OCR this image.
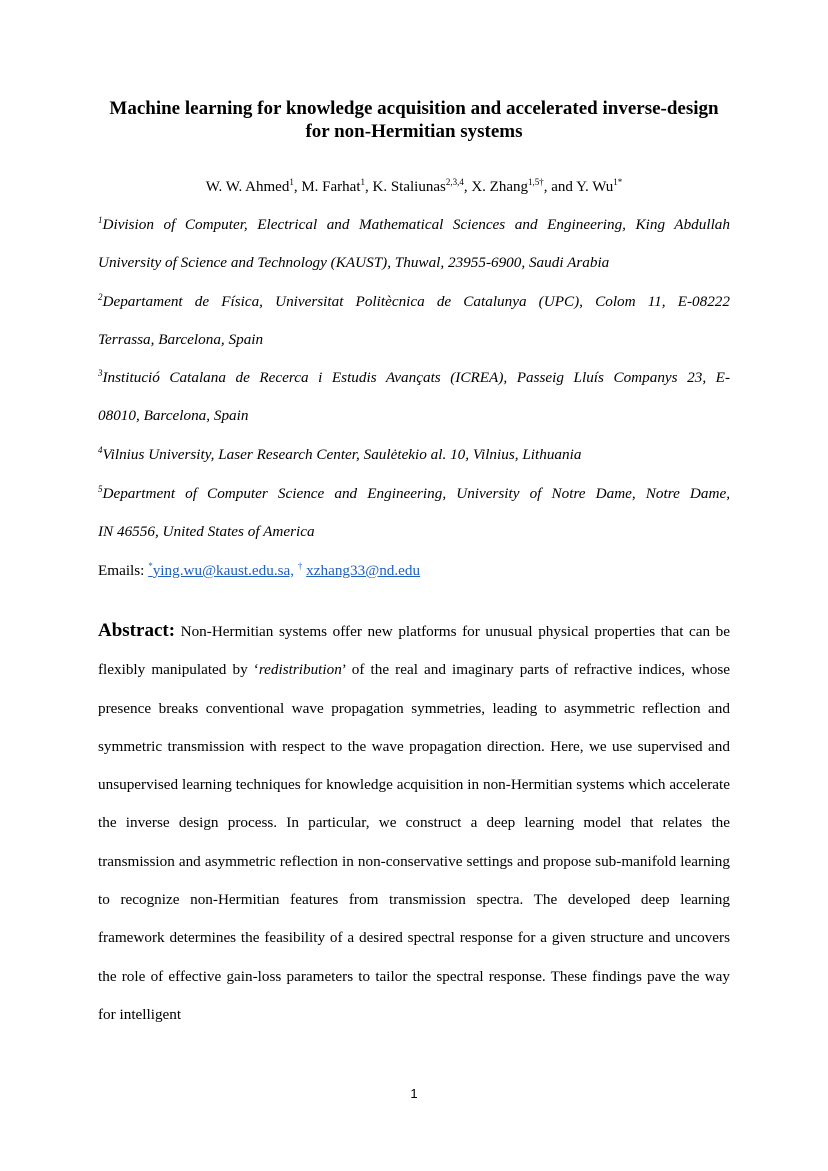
Machine learning for knowledge acquisition and accelerated inverse-design
for non-Hermitian systems
W. W. Ahmed$^1$, M. Farhat$^1$, K. Staliunas$^{2,3,4}$, X. Zhang$^{1,5\dagger}$, and Y. $Wu^{1*}$

$^1$Division of Computer, Electrical and Mathematical Sciences and Engineering, King Abdullah

University of Science and Technology (KAUST), Thuwal, 23955-6900, Saudi Arabia

$^2$Departament de Física, Universitat Politècnica de Catalunya (UPC), Colom 11, E-08222

Terrassa, Barcelona, Spain

$^3$Institució Catalana de Recerca i Estudis Avançats (ICREA), Passeig Lluís Companys 23, E-

08010, Barcelona, Spain

$^4$Vilnius University, Laser Research Center, Saulėtekio al. 10, Vilnius, Lithuania

$^5$Department of Computer Science and Engineering, University of Notre Dame, Notre Dame,

IN 46556, United States of America

Emails: *ying.wu@kaust.edu.sa, † xzhang33@nd.edu
Abstract: Non-Hermitian systems offer new platforms for unusual physical properties that can be flexibly manipulated by ‘redistribution’ of the real and imaginary parts of refractive indices, whose presence breaks conventional wave propagation symmetries, leading to asymmetric reflection and symmetric transmission with respect to the wave propagation direction. Here, we use supervised and unsupervised learning techniques for knowledge acquisition in non-Hermitian systems which accelerate the inverse design process. In particular, we construct a deep learning model that relates the transmission and asymmetric reflection in non-conservative settings and propose sub-manifold learning to recognize non-Hermitian features from transmission spectra. The developed deep learning framework determines the feasibility of a desired spectral response for a given structure and uncovers the role of effective gain-loss parameters to tailor the spectral response. These findings pave the way for intelligent
1
